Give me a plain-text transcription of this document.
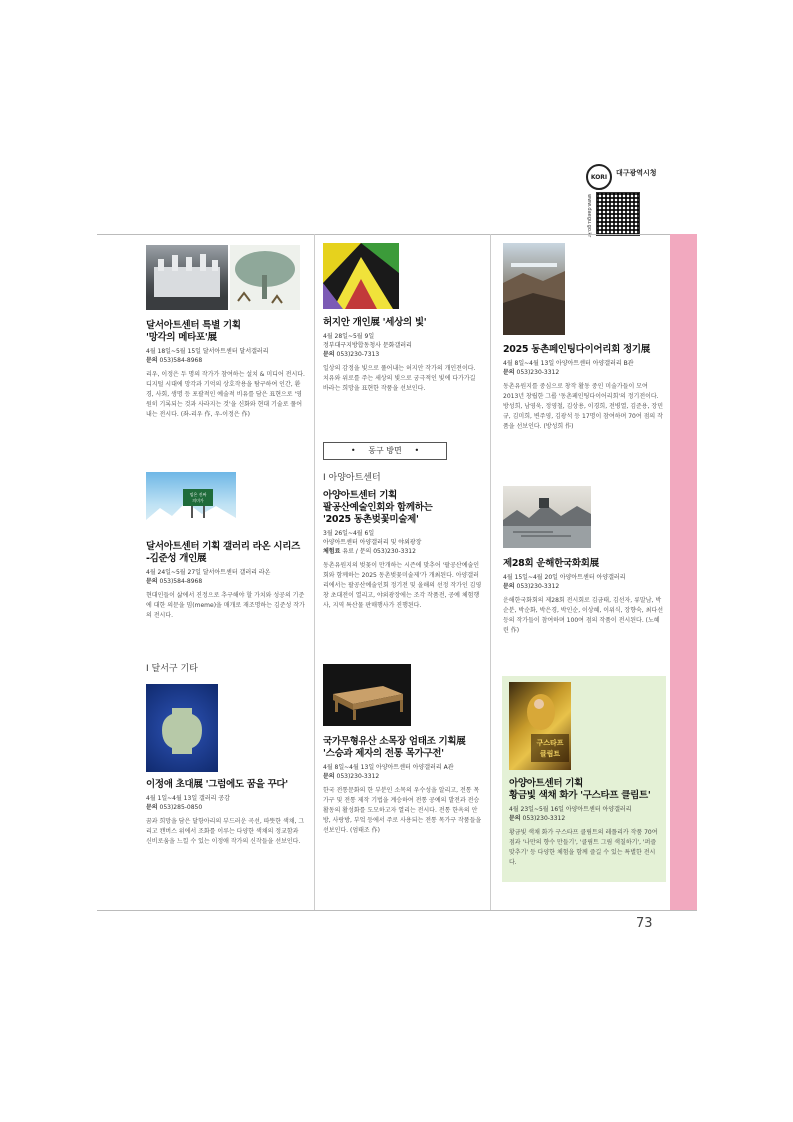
KORI	대구광역시청
www.daegu.go.kr
달서아트센터 특별 기획
'망각의 메타포'展
4월 18일~5월 15일 달서아트센터 달서갤러리
문의 053)584-8968
리우, 이정은 두 명의 작가가 참여하는 설치 & 미디어 전시다. 디지털 시대에 망각과 기억의 상호작용을 탐구하여 인간, 환경, 사회, 생명 등 포괄적인 예술적 비유를 담은 표현으로 '영원히 기록되는 것과 사라지는 것'을 신화와 현대 기술로 풀어내는 전시다. (좌-리우 作, 우-이정은 作)
밈은 진짜
의미가
달서아트센터 기획 갤러리 라온 시리즈
-김준성 개인展
4월 24일~5월 27일 달서아트센터 갤러리 라온
문의 053)584-8968
현대인들이 삶에서 진정으로 추구해야 할 가치와 성공의 기준에 대한 의문을 밈(meme)을 매개로 재조명하는 김준성 작가의 전시다.
I 달서구 기타
이정애 초대展 '그럼에도 꿈을 꾸다'
4월 1일~4월 13일 갤러리 공감
문의 053)285-0850
꿈과 희망을 담은 달항아리의 부드러운 곡선, 따뜻한 색채, 그리고 캔버스 위에서 조화를 이루는 다양한 색채의 정교함과 신비로움을 느낄 수 있는 이정애 작가의 신작들을 선보인다.
허지안 개인展 '세상의 빛'
4월 28일~5월 9일
정부대구지방합동청사 문화갤러리
문의 053)230-7313
일상의 감정을 빛으로 풀어내는 허지안 작가의 개인전이다. 치유와 위로를 주는 세상의 빛으로 궁극적인 빛에 다가가길 바라는 희망을 표현한 작품을 선보인다.
• 동구 방면 •
I 아양아트센터
아양아트센터 기획
팔공산예술인회와 함께하는
'2025 동촌벚꽃미술제'
3월 26일~4월 6일
아양아트센터 아양갤러리 및 야외광장
체험료 유료 / 문의 053)230-3312
동촌유원지의 벚꽃이 만개하는 시즌에 맞추어 '팔공산예술인회와 함께하는 2025 동촌벚꽃미술제'가 개최된다. 아양갤러리에서는 팔공산예술인회 정기전 및 올해의 선정 작가인 김영창 초대전이 열리고, 야외광장에는 조각 작품전, 공예 체험행사, 지역 특산물 판매행사가 진행된다.
국가무형유산 소목장 엄태조 기획展
'스승과 제자의 전통 목가구전'
4월 8일~4월 13일 아양아트센터 아양갤러리 A관
문의 053)230-3312
한국 전통문화의 한 부분인 소목의 우수성을 알리고, 전통 목가구 및 전통 제작 기법을 계승하여 전통 공예의 발전과 전승 활동의 활성화를 도모하고자 열리는 전시다. 전통 한옥의 안방, 사랑방, 부엌 등에서 주로 사용되는 전통 목가구 작품들을 선보인다. (엄태조 作)
2025 동촌페인팅다이어리회 정기展
4월 8일~4월 13일 아양아트센터 아양갤러리 B관
문의 053)230-3312
동촌유원지를 중심으로 창작 활동 중인 미술가들이 모여 2013년 창립한 그룹 '동촌페인팅다이어리회'의 정기전이다. 방성희, 남영욱, 정영철, 김상용, 이경희, 전병열, 김준용, 장민규, 김미희, 변주영, 김광석 등 17명이 참여하며 70여 점의 작품을 선보인다. (방성희 作)
제28회 운해한국화회展
4월 15일~4월 20일 아양아트센터 아양갤러리
문의 053)230-3312
운해한국화회의 제28회 전시회로 김금태, 김선자, 류말남, 박순분, 박순화, 박은경, 박인순, 이상혜, 이위식, 장향숙, 최다선 등의 작가들이 참여하며 100여 점의 작품이 전시된다. (노혜린 作)
구스타프
클림트
아양아트센터 기획
황금빛 색채 화가 '구스타프 클림트'
4월 23일~5월 16일 아양아트센터 아양갤러리
문의 053)230-3312
황금빛 색채 화가 구스타프 클림트의 레플리카 작품 70여 점과 '나만의 향수 만들기', '클림트 그림 색칠하기', '퍼즐 맞추기' 등 다양한 체험을 함께 즐길 수 있는 특별한 전시다.
73
